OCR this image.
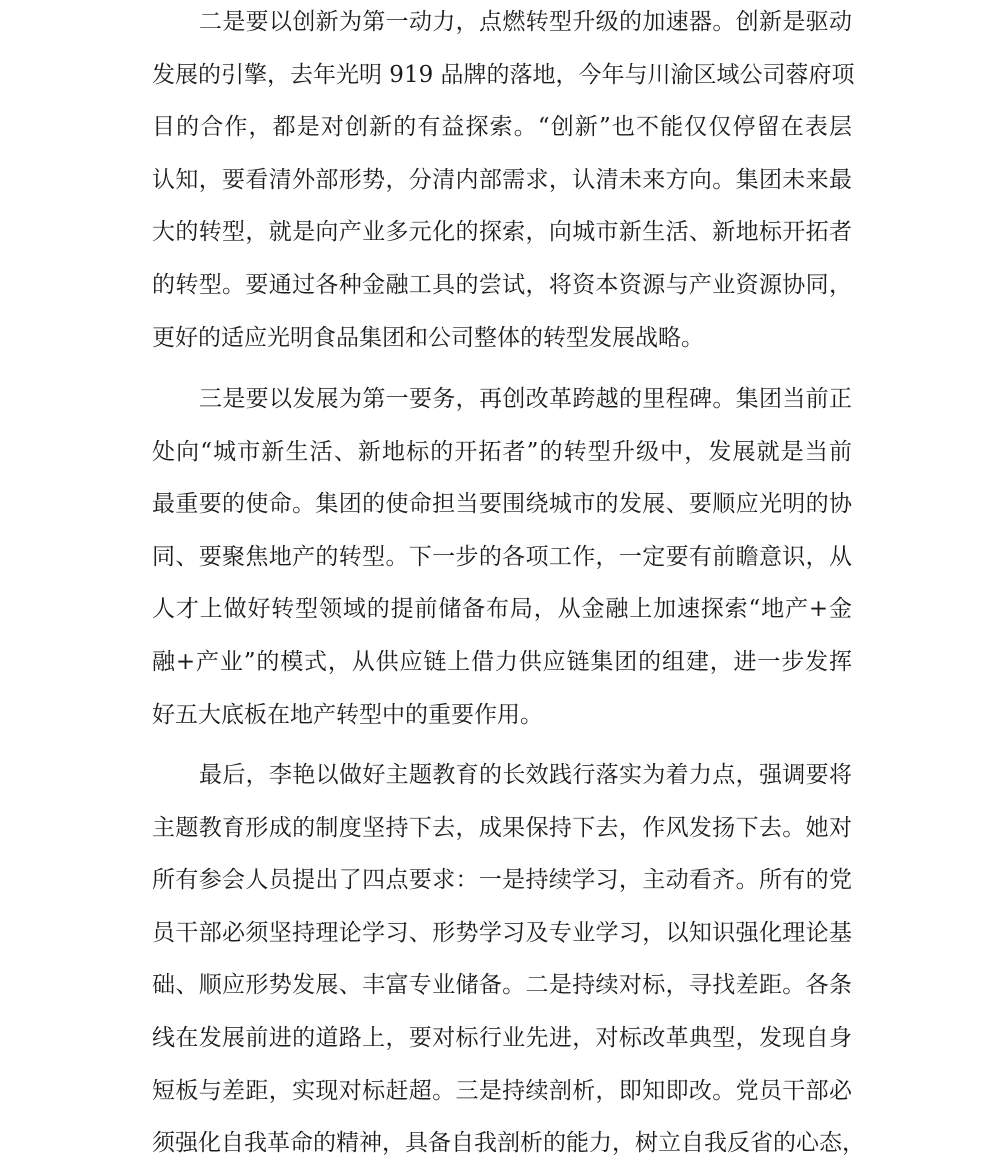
二是要以创新为第一动力，点燃转型升级的加速器。创新是驱动
发展的引擎，去年光明 919 品牌的落地，今年与川渝区域公司蓉府项
目的合作，都是对创新的有益探索。“创新”也不能仅仅停留在表层
认知，要看清外部形势，分清内部需求，认清未来方向。集团未来最
大的转型，就是向产业多元化的探索，向城市新生活、新地标开拓者
的转型。要通过各种金融工具的尝试，将资本资源与产业资源协同，
更好的适应光明食品集团和公司整体的转型发展战略。
三是要以发展为第一要务，再创改革跨越的里程碑。集团当前正
处向“城市新生活、新地标的开拓者”的转型升级中，发展就是当前
最重要的使命。集团的使命担当要围绕城市的发展、要顺应光明的协
同、要聚焦地产的转型。下一步的各项工作，一定要有前瞻意识，从
人才上做好转型领域的提前储备布局，从金融上加速探索“地产+金
融+产业”的模式，从供应链上借力供应链集团的组建，进一步发挥
好五大底板在地产转型中的重要作用。
最后，李艳以做好主题教育的长效践行落实为着力点，强调要将
主题教育形成的制度坚持下去，成果保持下去，作风发扬下去。她对
所有参会人员提出了四点要求：一是持续学习，主动看齐。所有的党
员干部必须坚持理论学习、形势学习及专业学习，以知识强化理论基
础、顺应形势发展、丰富专业储备。二是持续对标，寻找差距。各条
线在发展前进的道路上，要对标行业先进，对标改革典型，发现自身
短板与差距，实现对标赶超。三是持续剖析，即知即改。党员干部必
须强化自我革命的精神，具备自我剖析的能力，树立自我反省的心态，
